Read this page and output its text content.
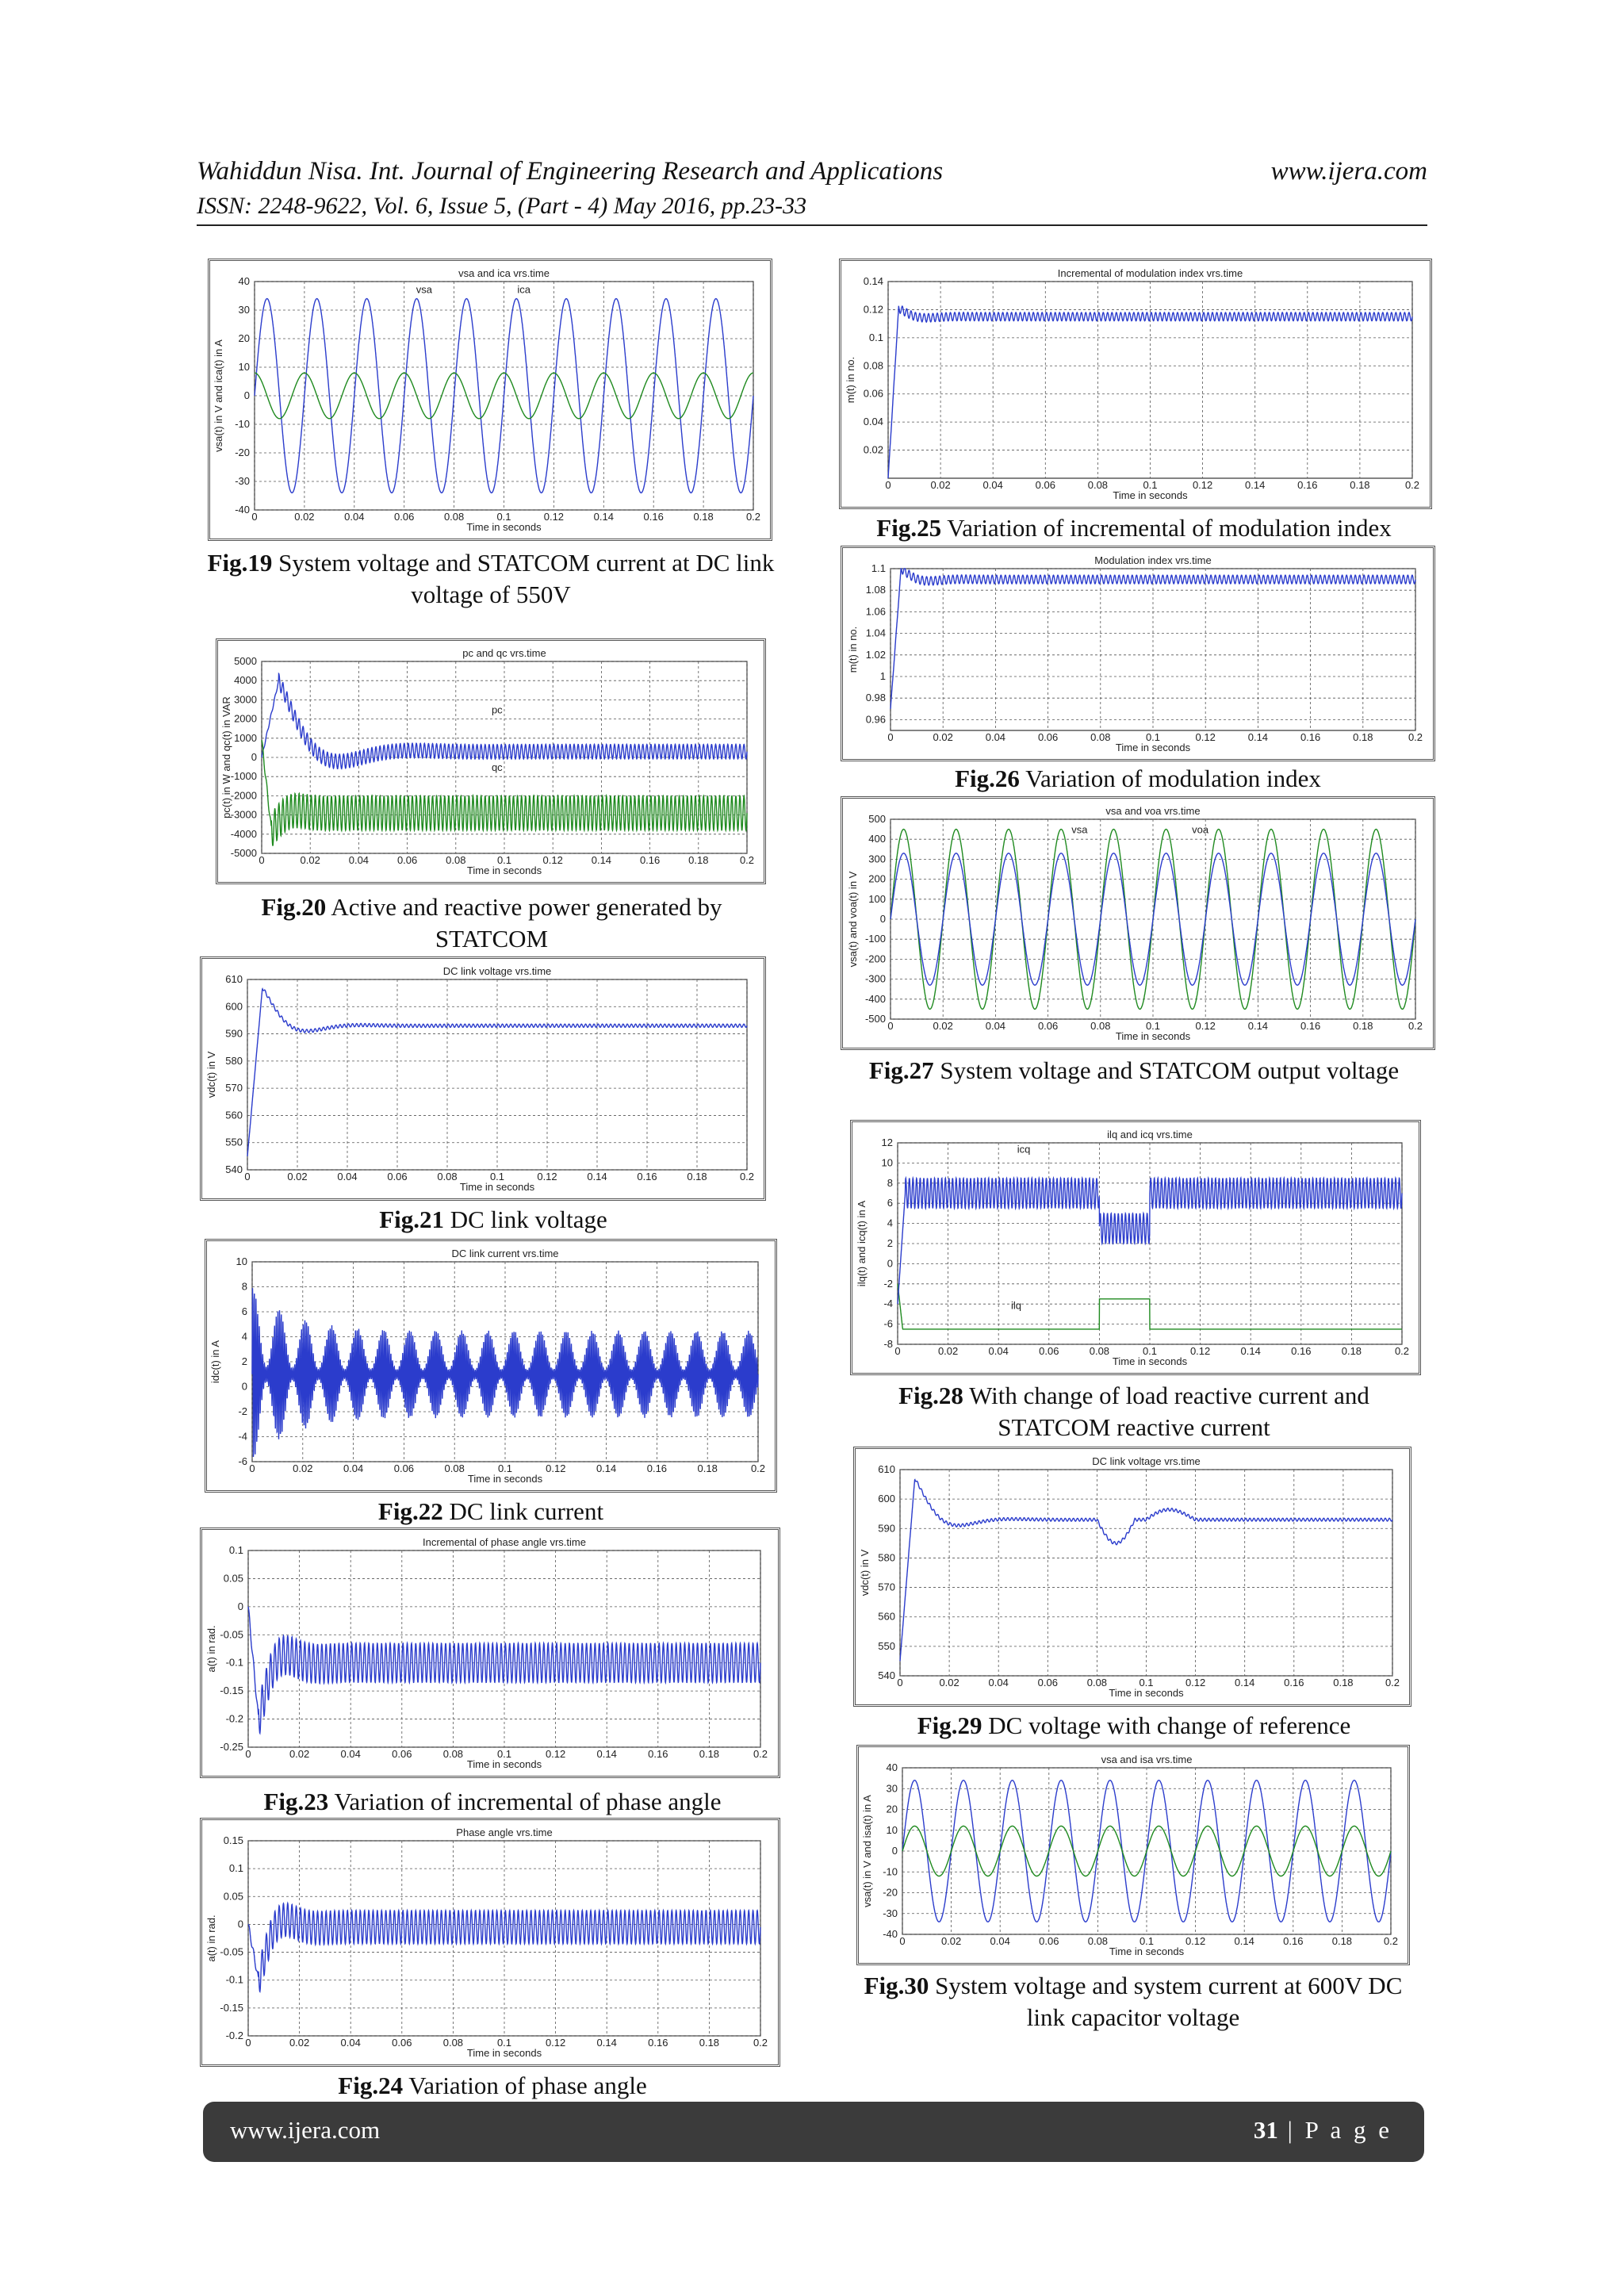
Wahiddun Nisa. Int. Journal of Engineering Research and Applications	www.ijera.com
ISSN: 2248-9622, Vol. 6, Issue 5, (Part - 4) May 2016, pp.23-33
0	0.02	0.04	0.06	0.08	0.1	0.12	0.14	0.16	0.18	0.2
-40
-30
-20
-10
0
10
20
30
40
vsa and ica vrs.time
Time in seconds
vsa(t) in V and ica(t) in A
vsa	ica
Fig.19 System voltage and STATCOM current at DC link voltage of 550V
0	0.02	0.04	0.06	0.08	0.1	0.12	0.14	0.16	0.18	0.2
-5000
-4000
-3000
-2000
-1000
0
1000
2000
3000
4000
5000
pc and qc vrs.time
Time in seconds
pc(t) in W and qc(t) in VAR	pc
qc
Fig.20 Active and reactive power generated by STATCOM
0	0.02	0.04	0.06	0.08	0.1	0.12	0.14	0.16	0.18	0.2
540
550
560
570
580
590
600
610
DC link voltage vrs.time
Time in seconds
vdc(t) in V
Fig.21 DC link voltage
0	0.02	0.04	0.06	0.08	0.1	0.12	0.14	0.16	0.18	0.2
-6
-4
-2
0
2
4
6
8
10
DC link current vrs.time
Time in seconds
idc(t) in A
Fig.22 DC link current
0	0.02	0.04	0.06	0.08	0.1	0.12	0.14	0.16	0.18	0.2
-0.25
-0.2
-0.15
-0.1
-0.05
0
0.05
0.1
Incremental of phase angle vrs.time
Time in seconds
a(t) in rad.
Fig.23 Variation of incremental of phase angle
0	0.02	0.04	0.06	0.08	0.1	0.12	0.14	0.16	0.18	0.2
-0.2
-0.15
-0.1
-0.05
0
0.05
0.1
0.15
Phase angle vrs.time
Time in seconds
a(t) in rad.
Fig.24 Variation of phase angle
0	0.02	0.04	0.06	0.08	0.1	0.12	0.14	0.16	0.18	0.2
0.02
0.04
0.06
0.08
0.1
0.12
0.14
Incremental of modulation index vrs.time
Time in seconds
m(t) in no.
Fig.25 Variation of incremental of modulation index
0	0.02	0.04	0.06	0.08	0.1	0.12	0.14	0.16	0.18	0.2
0.96
0.98
1
1.02
1.04
1.06
1.08
1.1
Modulation index vrs.time
Time in seconds
m(t) in no.
Fig.26 Variation of modulation index
0	0.02	0.04	0.06	0.08	0.1	0.12	0.14	0.16	0.18	0.2
-500
-400
-300
-200
-100
0
100
200
300
400
500
vsa and voa vrs.time
Time in seconds
vsa(t) and voa(t) in V
vsa	voa
Fig.27 System voltage and STATCOM output voltage
0	0.02	0.04	0.06	0.08	0.1	0.12	0.14	0.16	0.18	0.2
-8
-6
-4
-2
0
2
4
6
8
10
12
ilq and icq vrs.time
Time in seconds
ilq(t) and icq(t) in A
icq
ilq
Fig.28 With change of load reactive current and STATCOM reactive current
0	0.02	0.04	0.06	0.08	0.1	0.12	0.14	0.16	0.18	0.2
540
550
560
570
580
590
600
610
DC link voltage vrs.time
Time in seconds
vdc(t) in V
Fig.29 DC voltage with change of reference
0	0.02	0.04	0.06	0.08	0.1	0.12	0.14	0.16	0.18	0.2
-40
-30
-20
-10
0
10
20
30
40
vsa and isa vrs.time
Time in seconds
vsa(t) in V and isa(t) in A
Fig.30 System voltage and system current at 600V DC link capacitor voltage
www.ijera.com	31 | P a g e
